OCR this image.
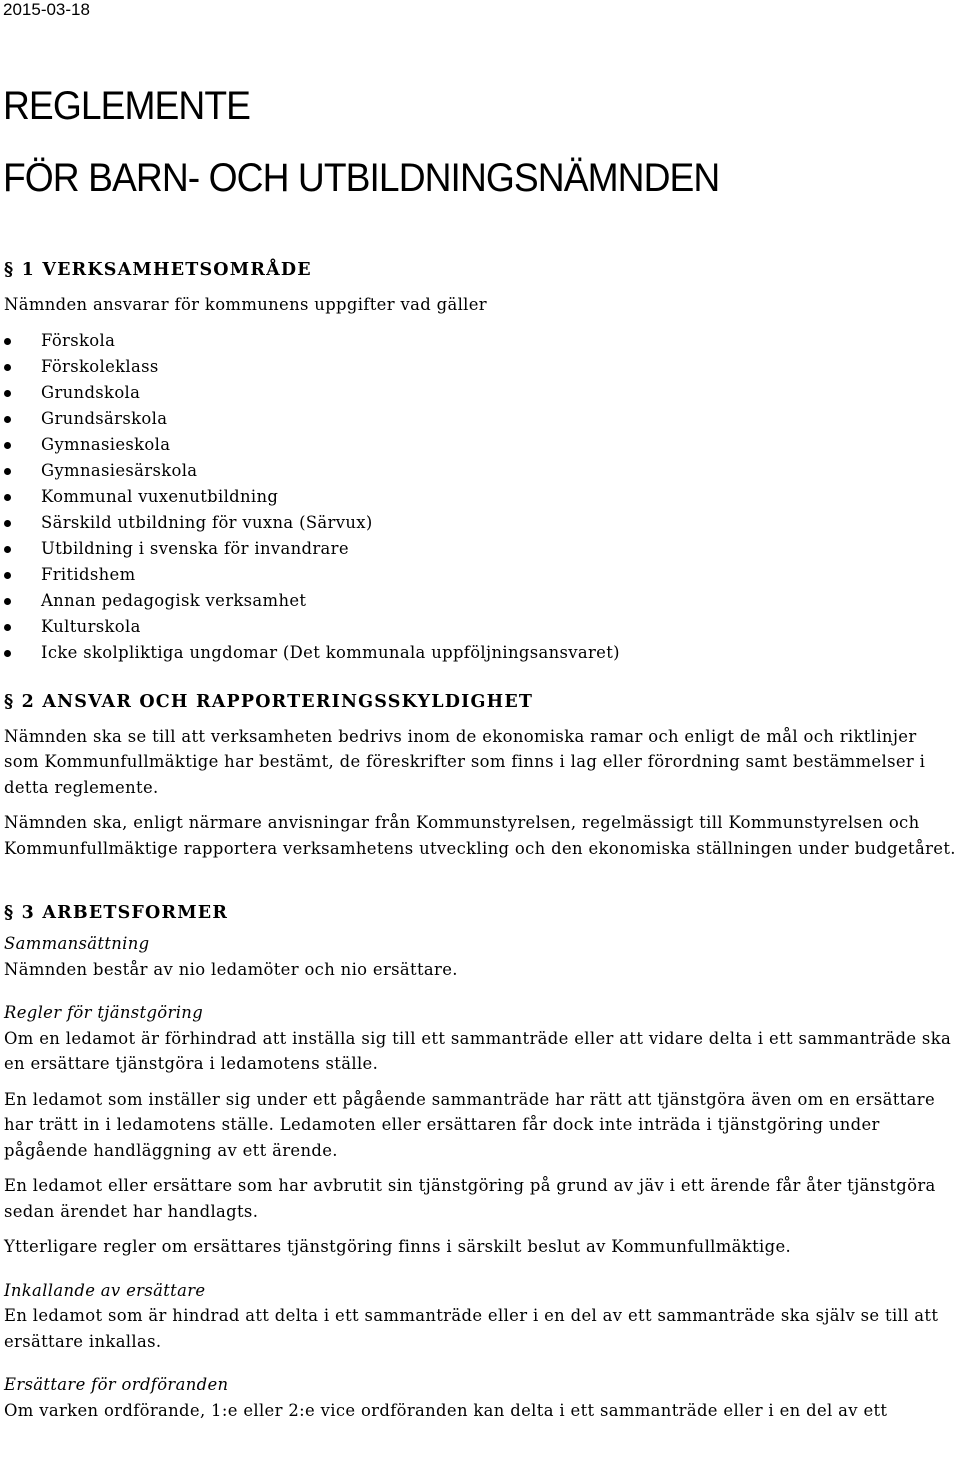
2015-03-18
REGLEMENTE
FÖR BARN- OCH UTBILDNINGSNÄMNDEN
§ 1 VERKSAMHETSOMRÅDE

Nämnden ansvarar för kommunens uppgifter vad gäller

Förskola
Förskoleklass
Grundskola
Grundsärskola
Gymnasieskola
Gymnasiesärskola
Kommunal vuxenutbildning
Särskild utbildning för vuxna (Särvux)
Utbildning i svenska för invandrare
Fritidshem
Annan pedagogisk verksamhet
Kulturskola
Icke skolpliktiga ungdomar (Det kommunala uppföljningsansvaret)
§ 2 ANSVAR OCH RAPPORTERINGSSKYLDIGHET

Nämnden ska se till att verksamheten bedrivs inom de ekonomiska ramar och enligt de mål och riktlinjer som Kommunfullmäktige har bestämt, de föreskrifter som finns i lag eller förordning samt bestämmelser i detta reglemente.

Nämnden ska, enligt närmare anvisningar från Kommunstyrelsen, regelmässigt till Kommunstyrelsen och Kommunfullmäktige rapportera verksamhetens utveckling och den ekonomiska ställningen under budgetåret.

§ 3 ARBETSFORMER

Sammansättning

Nämnden består av nio ledamöter och nio ersättare.

Regler för tjänstgöring

Om en ledamot är förhindrad att inställa sig till ett sammanträde eller att vidare delta i ett sammanträde ska en ersättare tjänstgöra i ledamotens ställe.

En ledamot som inställer sig under ett pågående sammanträde har rätt att tjänstgöra även om en ersättare har trätt in i ledamotens ställe. Ledamoten eller ersättaren får dock inte inträda i tjänstgöring under pågående handläggning av ett ärende.

En ledamot eller ersättare som har avbrutit sin tjänstgöring på grund av jäv i ett ärende får åter tjänstgöra sedan ärendet har handlagts.

Ytterligare regler om ersättares tjänstgöring finns i särskilt beslut av Kommunfullmäktige.

Inkallande av ersättare

En ledamot som är hindrad att delta i ett sammanträde eller i en del av ett sammanträde ska själv se till att ersättare inkallas.

Ersättare för ordföranden

Om varken ordförande, 1:e eller 2:e vice ordföranden kan delta i ett sammanträde eller i en del av ett
